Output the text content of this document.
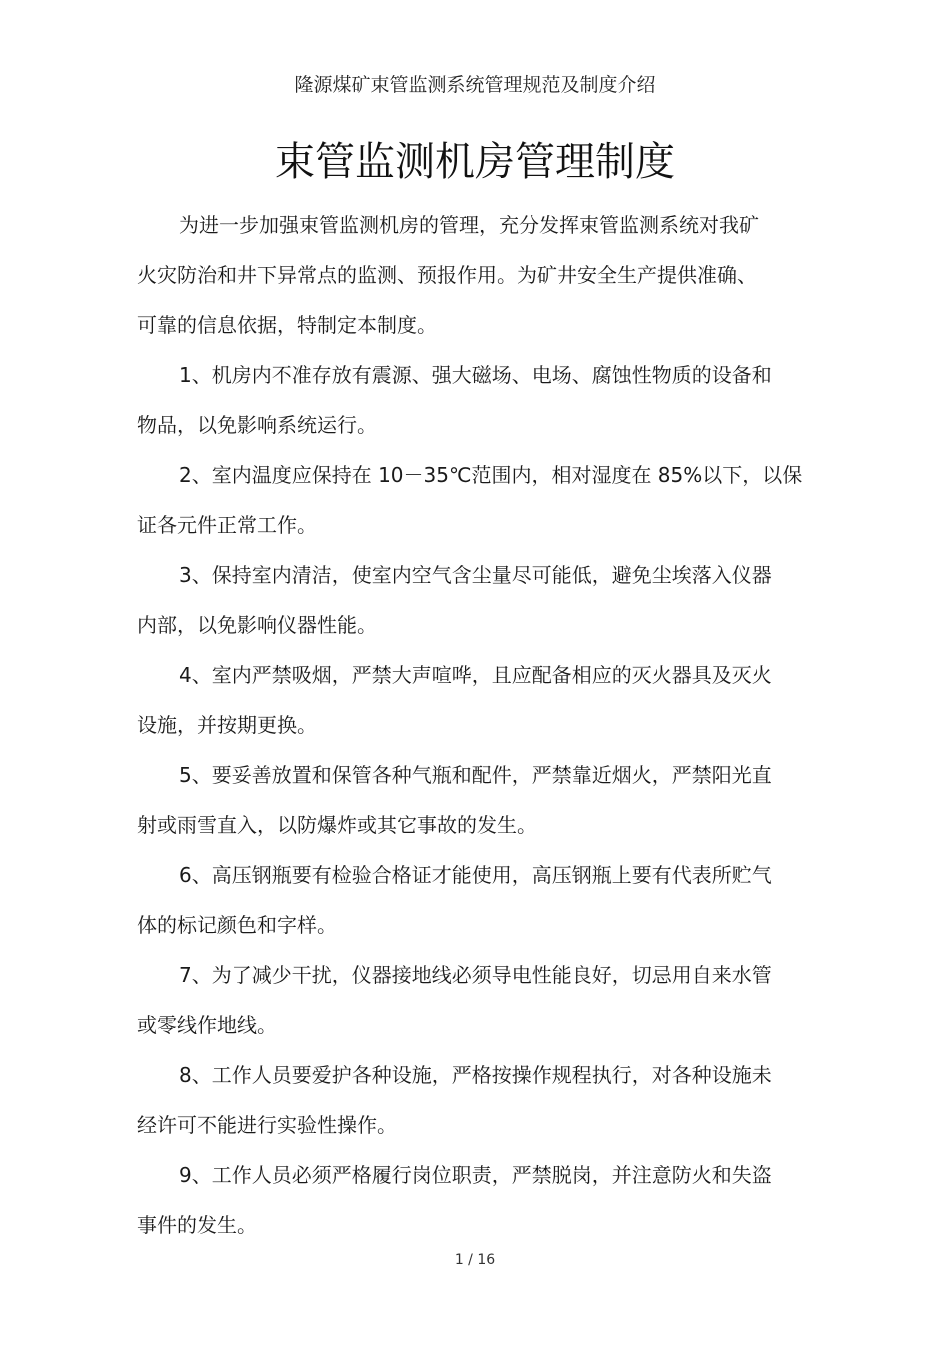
隆源煤矿束管监测系统管理规范及制度介绍
束管监测机房管理制度
为进一步加强束管监测机房的管理，充分发挥束管监测系统对我矿
火灾防治和井下异常点的监测、预报作用。为矿井安全生产提供准确、
可靠的信息依据，特制定本制度。
1、机房内不准存放有震源、强大磁场、电场、腐蚀性物质的设备和
物品，以免影响系统运行。
2、室内温度应保持在 10－35℃范围内，相对湿度在 85%以下，以保
证各元件正常工作。
3、保持室内清洁，使室内空气含尘量尽可能低，避免尘埃落入仪器
内部，以免影响仪器性能。
4、室内严禁吸烟，严禁大声喧哗，且应配备相应的灭火器具及灭火
设施，并按期更换。
5、要妥善放置和保管各种气瓶和配件，严禁靠近烟火，严禁阳光直
射或雨雪直入，以防爆炸或其它事故的发生。
6、高压钢瓶要有检验合格证才能使用，高压钢瓶上要有代表所贮气
体的标记颜色和字样。
7、为了减少干扰，仪器接地线必须导电性能良好，切忌用自来水管
或零线作地线。
8、工作人员要爱护各种设施，严格按操作规程执行，对各种设施未
经许可不能进行实验性操作。
9、工作人员必须严格履行岗位职责，严禁脱岗，并注意防火和失盗
事件的发生。
1 / 16
